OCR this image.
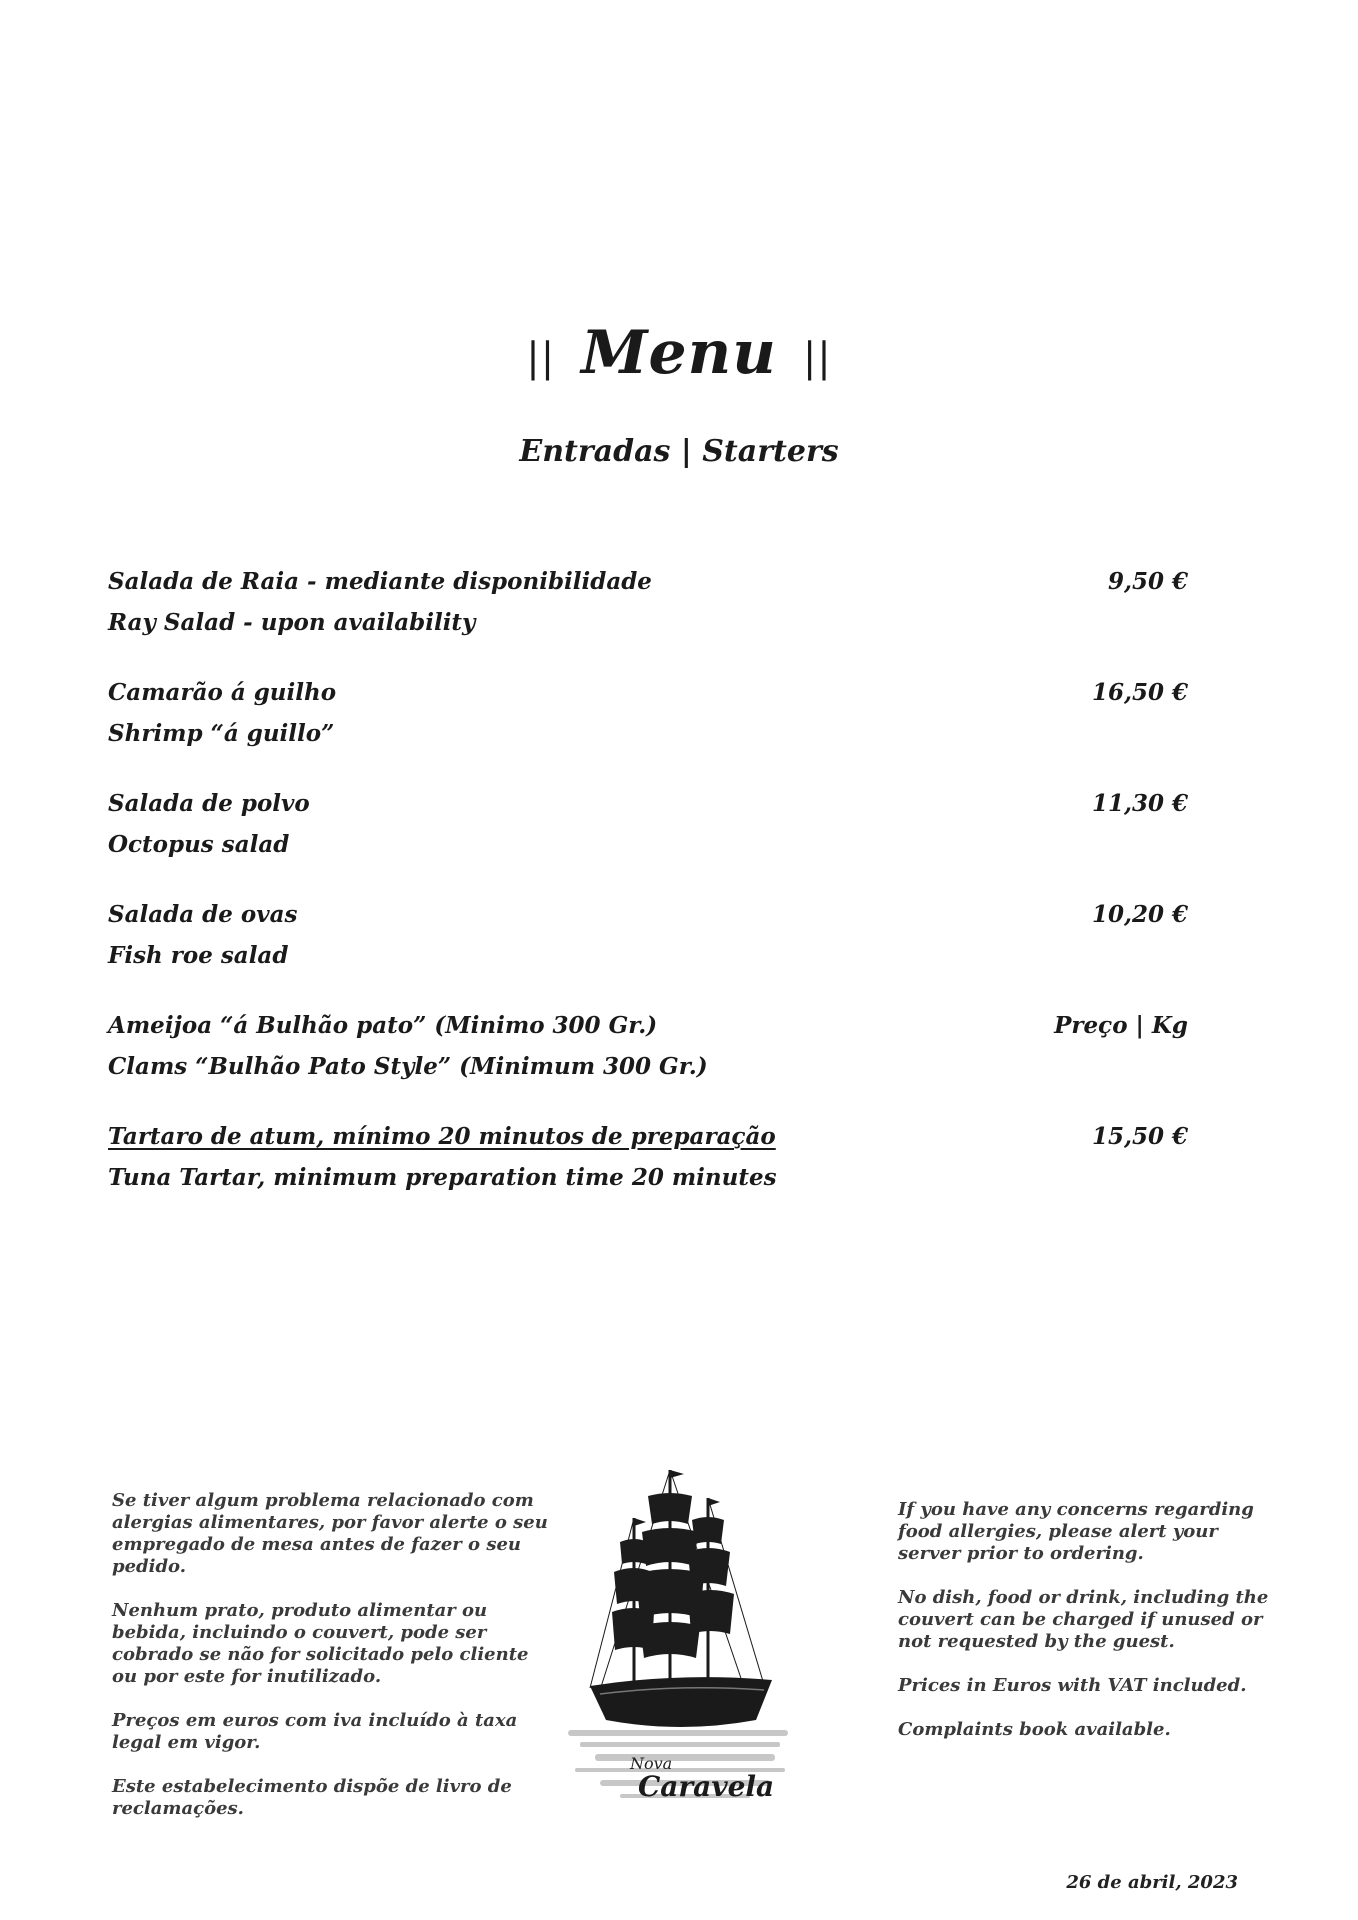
|| Menu ||
Entradas | Starters
Salada de Raia - mediante disponibilidade
Ray Salad - upon availability
9,50 €
Camarão á guilho
Shrimp “á guillo”
16,50 €
Salada de polvo
Octopus salad
11,30 €
Salada de ovas
Fish roe salad
10,20 €
Ameijoa “á Bulhão pato” (Minimo 300 Gr.)
Clams “Bulhão Pato Style” (Minimum 300 Gr.)
Preço | Kg
Tartaro de atum, mínimo 20 minutos de preparação
Tuna Tartar, minimum preparation time 20 minutes
15,50 €

Se tiver algum problema relacionado com alergias alimentares, por favor alerte o seu empregado de mesa antes de fazer o seu pedido.

Nenhum prato, produto alimentar ou bebida, incluindo o couvert, pode ser cobrado se não for solicitado pelo cliente ou por este for inutilizado.

Preços em euros com iva incluído à taxa legal em vigor.

Este estabelecimento dispõe de livro de reclamações.

Nova
Caravela

If you have any concerns regarding food allergies, please alert your server prior to ordering.

No dish, food or drink, including the couvert can be charged if unused or not requested by the guest.

Prices in Euros with VAT included.

Complaints book available.

26 de abril, 2023
